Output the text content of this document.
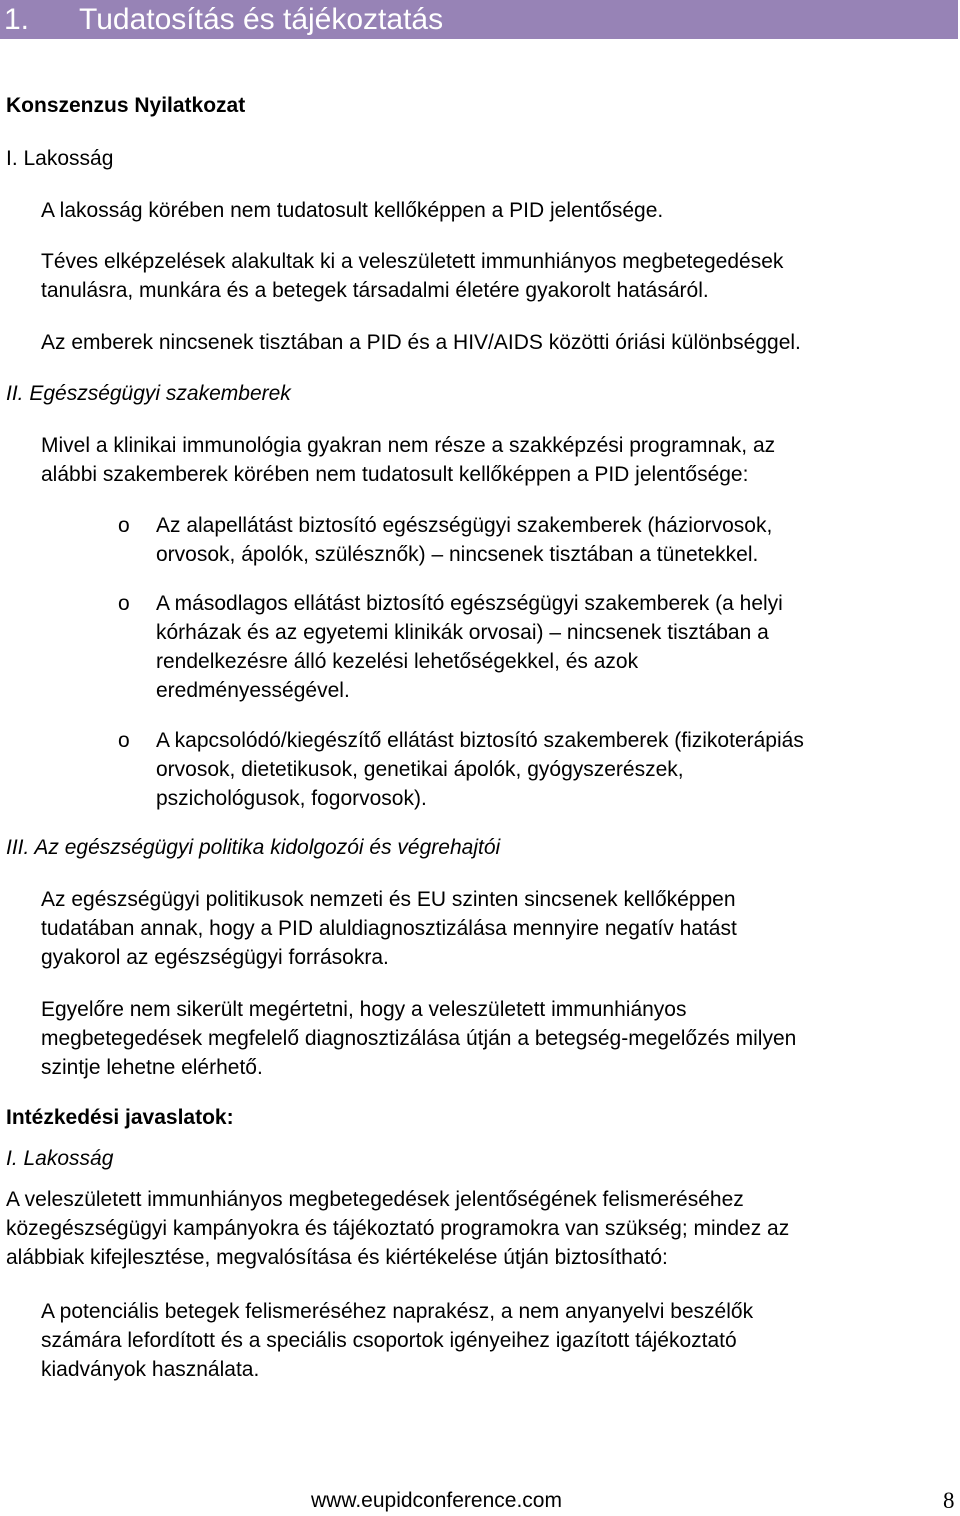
1. Tudatosítás és tájékoztatás
Konszenzus Nyilatkozat
I. Lakosság
A lakosság körében nem tudatosult kellőképpen a PID jelentősége.
Téves elképzelések alakultak ki a veleszületett immunhiányos megbetegedések
tanulásra, munkára és a betegek társadalmi életére gyakorolt hatásáról.
Az emberek nincsenek tisztában a PID és a HIV/AIDS közötti óriási különbséggel.
II. Egészségügyi szakemberek
Mivel a klinikai immunológia gyakran nem része a szakképzési programnak, az
alábbi szakemberek körében nem tudatosult kellőképpen a PID jelentősége:
o Az alapellátást biztosító egészségügyi szakemberek (háziorvosok,
orvosok, ápolók, szülésznők) – nincsenek tisztában a tünetekkel.
o A másodlagos ellátást biztosító egészségügyi szakemberek (a helyi
kórházak és az egyetemi klinikák orvosai) – nincsenek tisztában a
rendelkezésre álló kezelési lehetőségekkel, és azok
eredményességével.
o A kapcsolódó/kiegészítő ellátást biztosító szakemberek (fizikoterápiás
orvosok, dietetikusok, genetikai ápolók, gyógyszerészek,
pszichológusok, fogorvosok).
III. Az egészségügyi politika kidolgozói és végrehajtói
Az egészségügyi politikusok nemzeti és EU szinten sincsenek kellőképpen
tudatában annak, hogy a PID aluldiagnosztizálása mennyire negatív hatást
gyakorol az egészségügyi forrásokra.
Egyelőre nem sikerült megértetni, hogy a veleszületett immunhiányos
megbetegedések megfelelő diagnosztizálása útján a betegség-megelőzés milyen
szintje lehetne elérhető.
Intézkedési javaslatok:
I. Lakosság
A veleszületett immunhiányos megbetegedések jelentőségének felismeréséhez
közegészségügyi kampányokra és tájékoztató programokra van szükség; mindez az
alábbiak kifejlesztése, megvalósítása és kiértékelése útján biztosítható:
A potenciális betegek felismeréséhez naprakész, a nem anyanyelvi beszélők
számára lefordított és a speciális csoportok igényeihez igazított tájékoztató
kiadványok használata.
www.eupidconference.com	8
